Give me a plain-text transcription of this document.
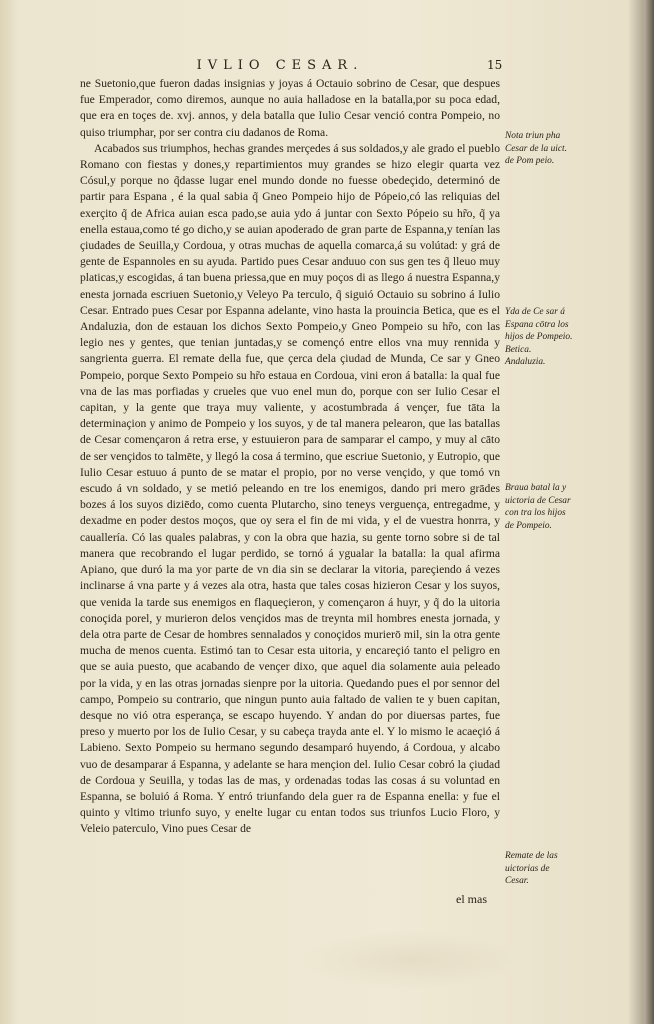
IVLIO CESAR.	15

ne Suetonio,que fueron dadas insignias y joyas á Octauio sobrino de Cesar, que despues fue Emperador, como diremos, aunque no auia halladose en la batalla,por su poca edad, que era en toçes de. xvj. annos, y dela batalla que Iulio Cesar venció contra Pompeio, no quiso triumphar, por ser contra ciu dadanos de Roma.

Acabados sus triumphos, hechas grandes merçedes á sus soldados,y ale grado el pueblo Romano con fiestas y dones,y repartimientos muy grandes se hizo elegir quarta vez Cósul,y porque no q̃dasse lugar enel mundo donde no fuesse obedeçido, determinó de partir para Espana , é la qual sabia q̃ Gneo Pompeio hijo de Pópeio,có las reliquias del exerçito q̃ de Africa auian esca pado,se auia ydo á juntar con Sexto Pópeio su hr̃o, q̃ ya enella estaua,como té go dicho,y se auian apoderado de gran parte de Espanna,y tenían las çiudades de Seuilla,y Cordoua, y otras muchas de aquella comarca,á su volútad: y grá de gente de Espannoles en su ayuda. Partido pues Cesar anduuo con sus gen tes q̃ lleuo muy platicas,y escogidas, á tan buena priessa,que en muy poços di as llego á nuestra Espanna,y enesta jornada escriuen Suetonio,y Veleyo Pa terculo, q̃ siguió Octauio su sobrino á Iulio Cesar. Entrado pues Cesar por Espanna adelante, vino hasta la prouincia Betica, que es el Andaluzia, don de estauan los dichos Sexto Pompeio,y Gneo Pompeio su hr̃o, con las legio nes y gentes, que tenian juntadas,y se començó entre ellos vna muy rennida y sangrienta guerra. El remate della fue, que çerca dela çiudad de Munda, Ce sar y Gneo Pompeio, porque Sexto Pompeio su hr̃o estaua en Cordoua, vini eron á batalla: la qual fue vna de las mas porfiadas y crueles que vuo enel mun do, porque con ser Iulio Cesar el capitan, y la gente que traya muy valiente, y acostumbrada á vençer, fue tāta la determinaçion y animo de Pompeio y los suyos, y de tal manera pelearon, que las batallas de Cesar començaron á retra erse, y estuuieron para de samparar el campo, y muy al cāto de ser vençidos to talmēte, y llegó la cosa á termino, que escriue Suetonio, y Eutropio, que Iulio Cesar estuuo á punto de se matar el propio, por no verse vençido, y que tomó vn escudo á vn soldado, y se metió peleando en tre los enemigos, dando pri mero grādes bozes á los suyos diziēdo, como cuenta Plutarcho, sino teneys verguença, entregadme, y dexadme en poder destos moços, que oy sera el fin de mi vida, y el de vuestra honrra, y cauallería. Có las quales palabras, y con la obra que hazia, su gente torno sobre si de tal manera que recobrando el lugar perdido, se tornó á ygualar la batalla: la qual afirma Apiano, que duró la ma yor parte de vn dia sin se declarar la vitoria, pareçiendo á vezes inclinarse á vna parte y á vezes ala otra, hasta que tales cosas hizieron Cesar y los suyos, que venida la tarde sus enemigos en flaqueçieron, y començaron á huyr, y q̃ do la uitoria conoçida porel, y murieron delos vençidos mas de treynta mil hombres enesta jornada, y dela otra parte de Cesar de hombres sennalados y conoçidos murierō mil, sin la otra gente mucha de menos cuenta. Estimó tan to Cesar esta uitoria, y encareçió tanto el peligro en que se auia puesto, que acabando de vençer dixo, que aquel dia solamente auia peleado por la vida, y en las otras jornadas sienpre por la uitoria. Quedando pues el por sennor del campo, Pompeio su contrario, que ningun punto auia faltado de valien te y buen capitan, desque no vió otra esperança, se escapo huyendo. Y andan do por diuersas partes, fue preso y muerto por los de Iulio Cesar, y su cabeça trayda ante el. Y lo mismo le acaeçió á Labieno. Sexto Pompeio su hermano segundo desamparó huyendo, á Cordoua, y alcabo vuo de desamparar á Espanna, y adelante se hara mençion del. Iulio Cesar cobró la çiudad de Cordoua y Seuilla, y todas las de mas, y ordenadas todas las cosas á su voluntad en Espanna, se boluió á Roma. Y entró triunfando dela guer ra de Espanna enella: y fue el quinto y vltimo triunfo suyo, y enelte lugar cu entan todos sus triunfos Lucio Floro, y Veleio paterculo, Vino pues Cesar de

el mas
Nota triun pha Cesar de la uict. de Pom peio.
Yda de Ce sar á Espana cōtra los hijos de Pompeio. Betica. Andaluzia.
Braua batal la y uictoria de Cesar con tra los hijos de Pompeio.
Remate de las uictorias de Cesar.
